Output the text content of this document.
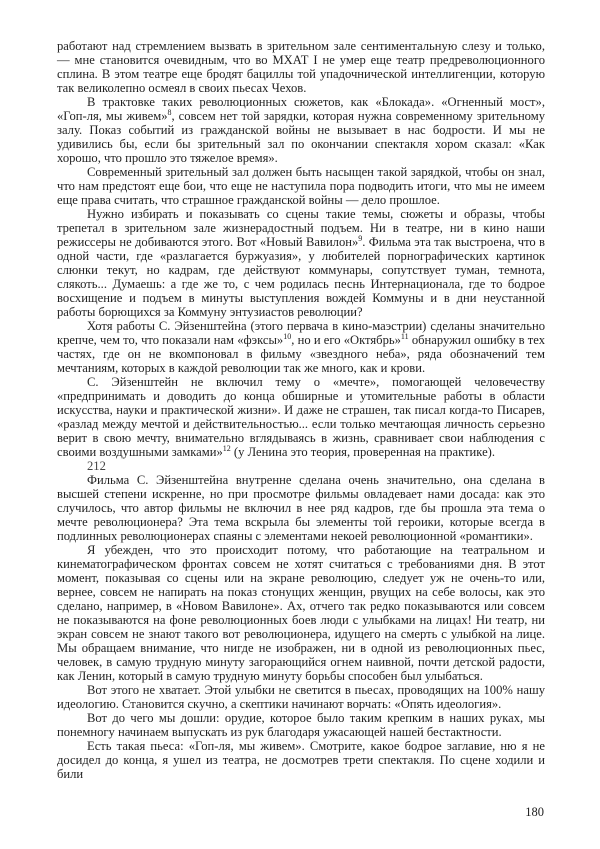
работают над стремлением вызвать в зрительном зале сентиментальную слезу и только, — мне становится очевидным, что во МХАТ I не умер еще театр предреволюционного сплина. В этом театре еще бродят бациллы той упадочнической интеллигенции, которую так великолепно осмеял в своих пьесах Чехов.

В трактовке таких революционных сюжетов, как «Блокада». «Огненный мост», «Гоп-ля, мы живем»$^8$, совсем нет той зарядки, которая нужна современному зрительному залу. Показ событий из гражданской войны не вызывает в нас бодрости. И мы не удивились бы, если бы зрительный зал по окончании спектакля хором сказал: «Как хорошо, что прошло это тяжелое время».

Современный зрительный зал должен быть насыщен такой зарядкой, чтобы он знал, что нам предстоят еще бои, что еще не наступила пора подводить итоги, что мы не имеем еще права считать, что страшное гражданской войны — дело прошлое.

Нужно избирать и показывать со сцены такие темы, сюжеты и образы, чтобы трепетал в зрительном зале жизнерадостный подъем. Ни в театре, ни в кино наши режиссеры не добиваются этого. Вот «Новый Вавилон»$^9$. Фильма эта так выстроена, что в одной части, где «разлагается буржуазия», у любителей порнографических картинок слюнки текут, но кадрам, где действуют коммунары, сопутствует туман, темнота, слякоть... Думаешь: а где же то, с чем родилась песнь Интернационала, где то бодрое восхищение и подъем в минуты выступления вождей Коммуны и в дни неустанной работы борющихся за Коммуну энтузиастов революции?

Хотя работы С. Эйзенштейна (этого первача в кино-маэстрии) сделаны значительно крепче, чем то, что показали нам «фэксы»$^{10}$, но и его «Октябрь»$^{11}$ обнаружил ошибку в тех частях, где он не вкомпоновал в фильму «звездного неба», ряда обозначений тем мечтаниям, которых в каждой революции так же много, как и крови.

С. Эйзенштейн не включил тему о «мечте», помогающей человечеству «предпринимать и доводить до конца обширные и утомительные работы в области искусства, науки и практической жизни». И даже не страшен, так писал когда-то Писарев, «разлад между мечтой и действительностью... если только мечтающая личность серьезно верит в свою мечту, внимательно вглядываясь в жизнь, сравнивает свои наблюдения с своими воздушными замками»$^{12}$ (у Ленина это теория, проверенная на практике).

212

Фильма С. Эйзенштейна внутренне сделана очень значительно, она сделана в высшей степени искренне, но при просмотре фильмы овладевает нами досада: как это случилось, что автор фильмы не включил в нее ряд кадров, где бы прошла эта тема о мечте революционера? Эта тема вскрыла бы элементы той героики, которые всегда в подлинных революционерах спаяны с элементами некоей революционной «романтики».

Я убежден, что это происходит потому, что работающие на театральном и кинематографическом фронтах совсем не хотят считаться с требованиями дня. В этот момент, показывая со сцены или на экране революцию, следует уж не очень-то или, вернее, совсем не напирать на показ стонущих женщин, рвущих на себе волосы, как это сделано, например, в «Новом Вавилоне». Ах, отчего так редко показываются или совсем не показываются на фоне революционных боев люди с улыбками на лицах! Ни театр, ни экран совсем не знают такого вот революционера, идущего на смерть с улыбкой на лице. Мы обращаем внимание, что нигде не изображен, ни в одной из революционных пьес, человек, в самую трудную минуту загорающийся огнем наивной, почти детской радости, как Ленин, который в самую трудную минуту борьбы способен был улыбаться.

Вот этого не хватает. Этой улыбки не светится в пьесах, проводящих на 100% нашу идеологию. Становится скучно, а скептики начинают ворчать: «Опять идеология».

Вот до чего мы дошли: орудие, которое было таким крепким в наших руках, мы понемногу начинаем выпускать из рук благодаря ужасающей нашей бестактности.

Есть такая пьеса: «Гоп-ля, мы живем». Смотрите, какое бодрое заглавие, ню я не досидел до конца, я ушел из театра, не досмотрев трети спектакля. По сцене ходили и били

180
